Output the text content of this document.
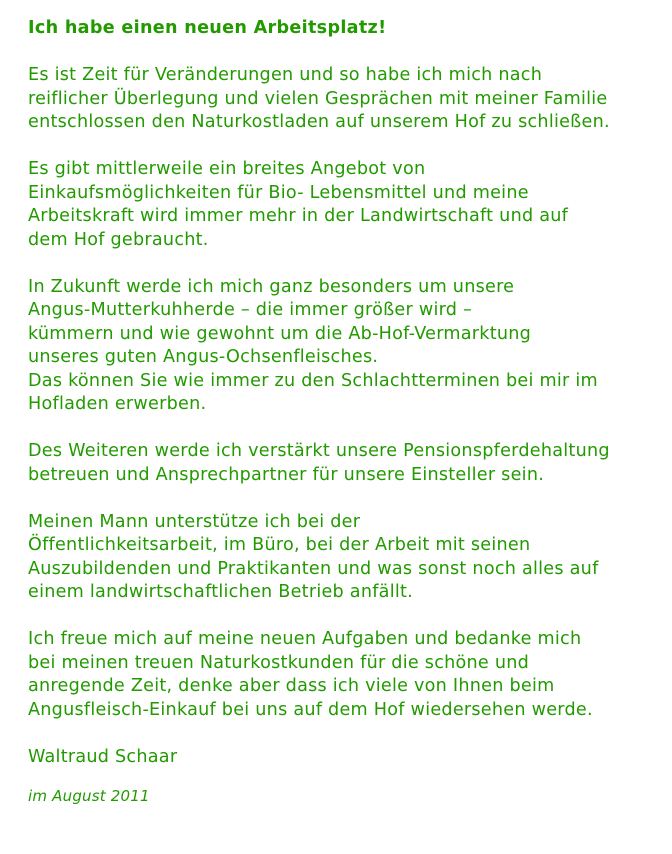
Ich habe einen neuen Arbeitsplatz!
Es ist Zeit für Veränderungen und so habe ich mich nach
reiflicher Überlegung und vielen Gesprächen mit meiner Familie
entschlossen den Naturkostladen auf unserem Hof zu schließen.
Es gibt mittlerweile ein breites Angebot von
Einkaufsmöglichkeiten für Bio- Lebensmittel und meine
Arbeitskraft wird immer mehr in der Landwirtschaft und auf
dem Hof gebraucht.
In Zukunft werde ich mich ganz besonders um unsere
Angus-Mutterkuhherde – die immer größer wird –
kümmern und wie gewohnt um die Ab-Hof-Vermarktung
unseres guten Angus-Ochsenfleisches.
Das können Sie wie immer zu den Schlachtterminen bei mir im
Hofladen erwerben.
Des Weiteren werde ich verstärkt unsere Pensionspferdehaltung
betreuen und Ansprechpartner für unsere Einsteller sein.
Meinen Mann unterstütze ich bei der
Öffentlichkeitsarbeit, im Büro, bei der Arbeit mit seinen
Auszubildenden und Praktikanten und was sonst noch alles auf
einem landwirtschaftlichen Betrieb anfällt.
Ich freue mich auf meine neuen Aufgaben und bedanke mich
bei meinen treuen Naturkostkunden für die schöne und
anregende Zeit, denke aber dass ich viele von Ihnen beim
Angusfleisch-Einkauf bei uns auf dem Hof wiedersehen werde.
Waltraud Schaar
im August 2011
